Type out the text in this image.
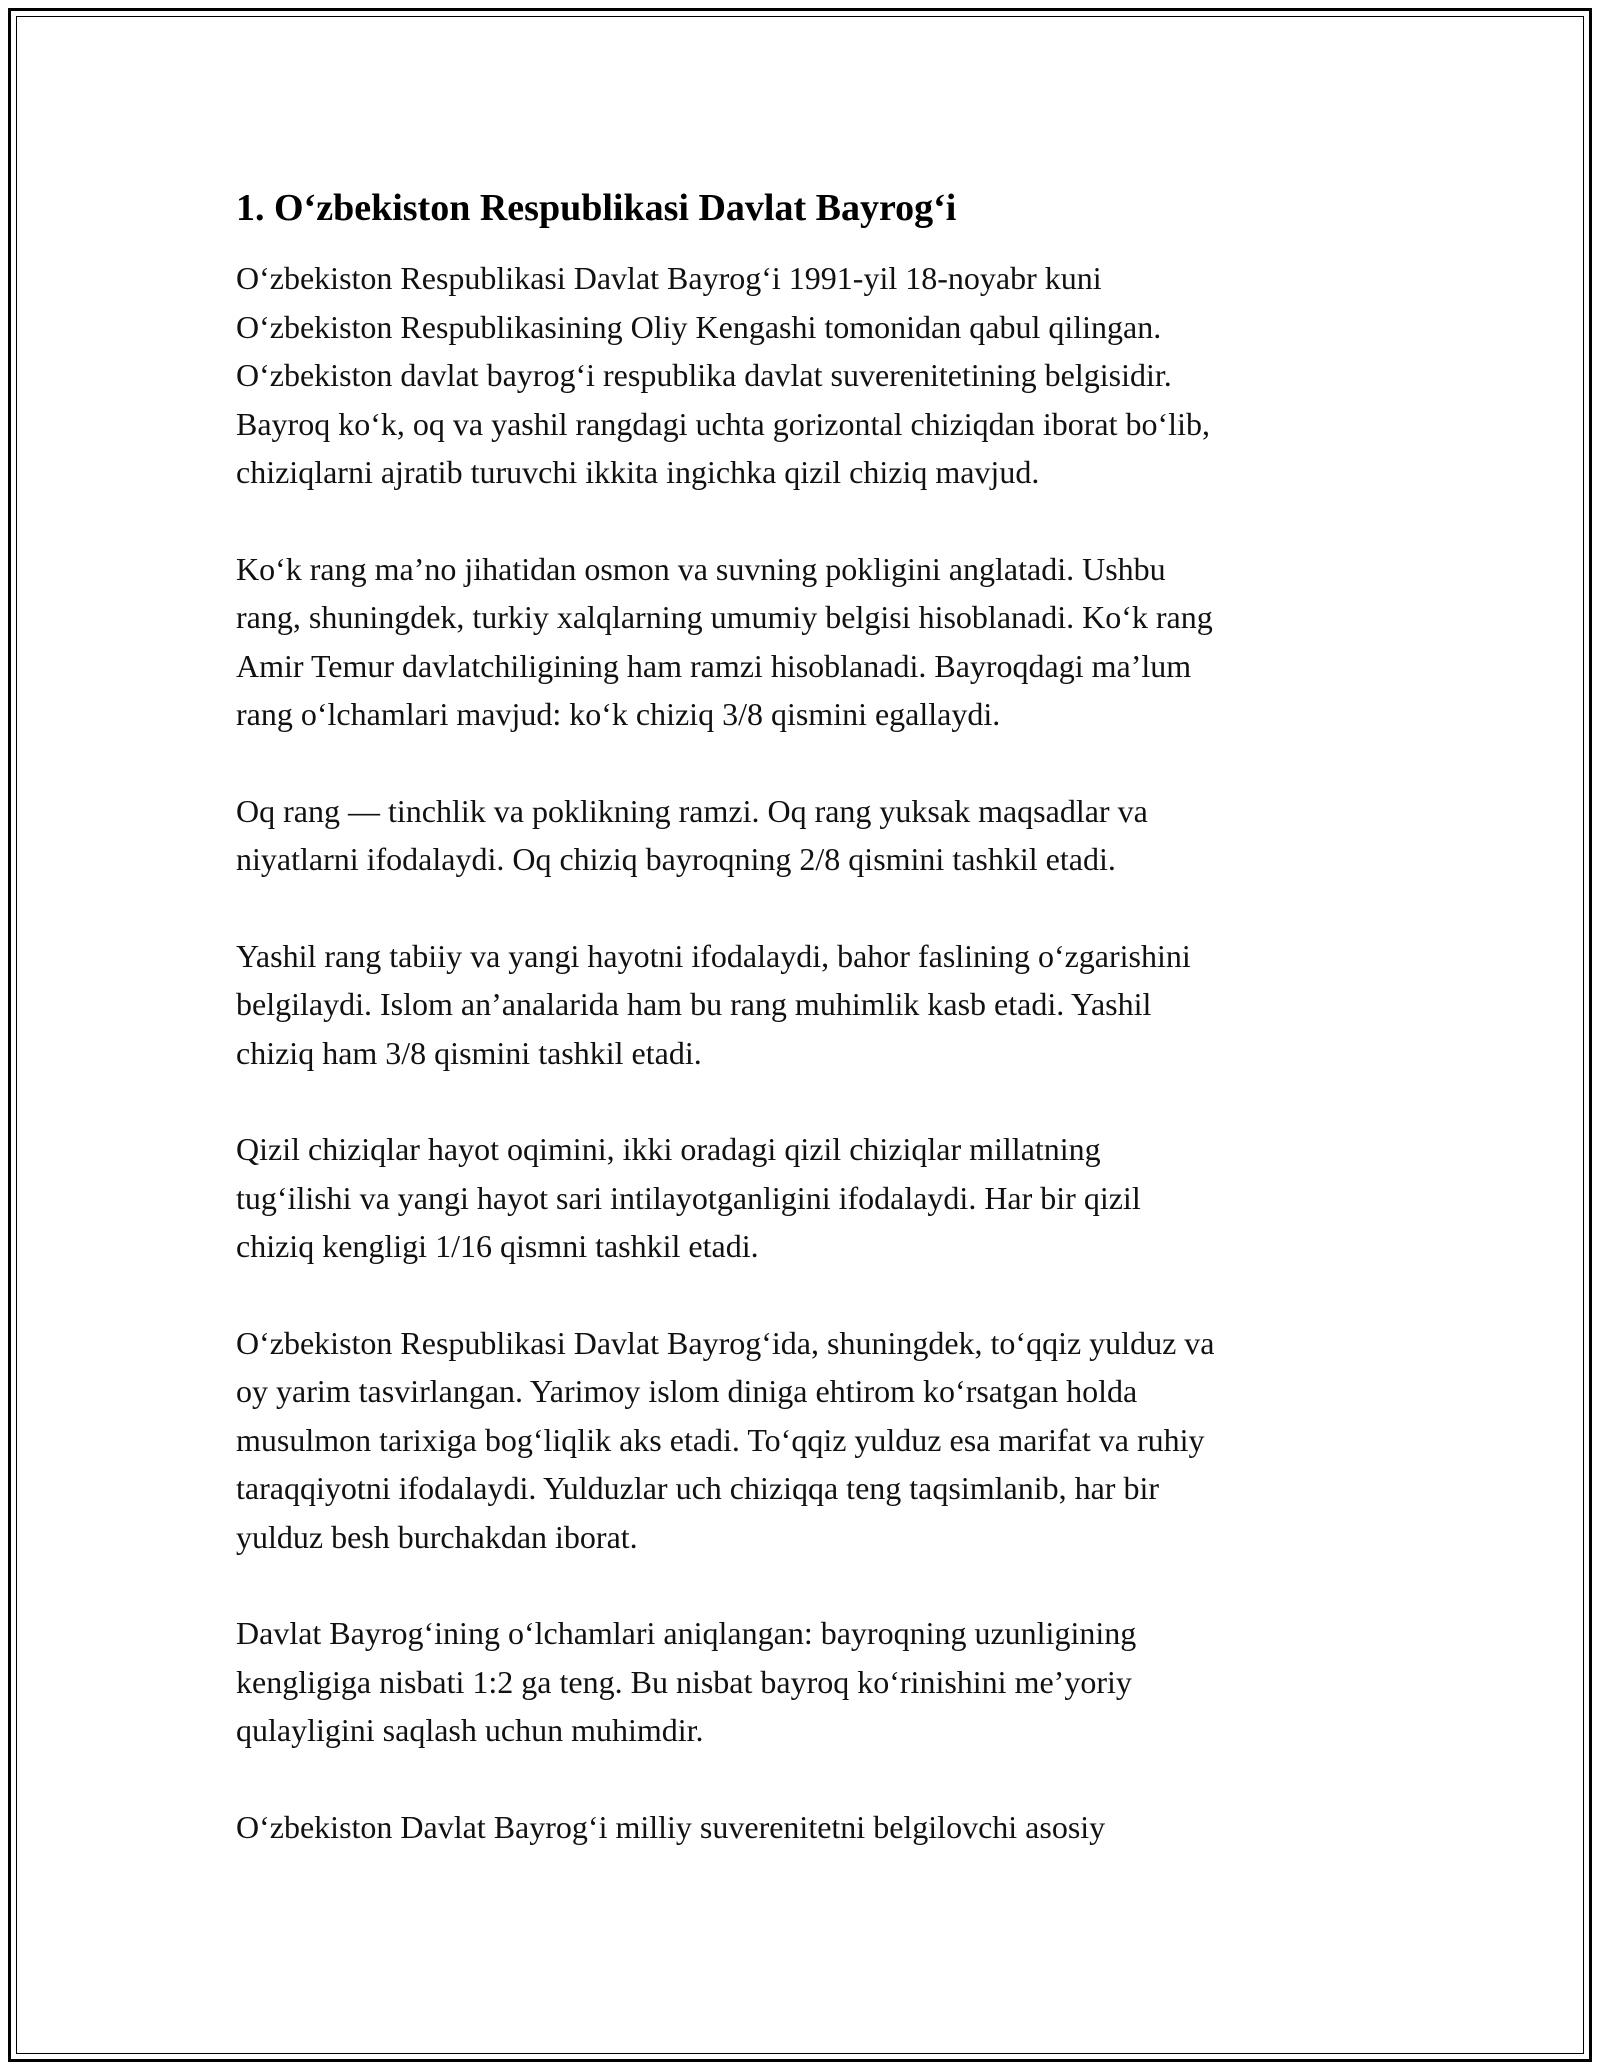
1. O‘zbekiston Respublikasi Davlat Bayrog‘i

O‘zbekiston Respublikasi Davlat Bayrog‘i 1991-yil 18-noyabr kuni
O‘zbekiston Respublikasining Oliy Kengashi tomonidan qabul qilingan.
O‘zbekiston davlat bayrog‘i respublika davlat suverenitetining belgisidir.
Bayroq ko‘k, oq va yashil rangdagi uchta gorizontal chiziqdan iborat bo‘lib,
chiziqlarni ajratib turuvchi ikkita ingichka qizil chiziq mavjud.

Ko‘k rang ma’no jihatidan osmon va suvning pokligini anglatadi. Ushbu
rang, shuningdek, turkiy xalqlarning umumiy belgisi hisoblanadi. Ko‘k rang
Amir Temur davlatchiligining ham ramzi hisoblanadi. Bayroqdagi ma’lum
rang o‘lchamlari mavjud: ko‘k chiziq 3/8 qismini egallaydi.

Oq rang — tinchlik va poklikning ramzi. Oq rang yuksak maqsadlar va
niyatlarni ifodalaydi. Oq chiziq bayroqning 2/8 qismini tashkil etadi.

Yashil rang tabiiy va yangi hayotni ifodalaydi, bahor faslining o‘zgarishini
belgilaydi. Islom an’analarida ham bu rang muhimlik kasb etadi. Yashil
chiziq ham 3/8 qismini tashkil etadi.

Qizil chiziqlar hayot oqimini, ikki oradagi qizil chiziqlar millatning
tug‘ilishi va yangi hayot sari intilayotganligini ifodalaydi. Har bir qizil
chiziq kengligi 1/16 qismni tashkil etadi.

O‘zbekiston Respublikasi Davlat Bayrog‘ida, shuningdek, to‘qqiz yulduz va
oy yarim tasvirlangan. Yarimoy islom diniga ehtirom ko‘rsatgan holda
musulmon tarixiga bog‘liqlik aks etadi. To‘qqiz yulduz esa marifat va ruhiy
taraqqiyotni ifodalaydi. Yulduzlar uch chiziqqa teng taqsimlanib, har bir
yulduz besh burchakdan iborat.

Davlat Bayrog‘ining o‘lchamlari aniqlangan: bayroqning uzunligining
kengligiga nisbati 1:2 ga teng. Bu nisbat bayroq ko‘rinishini me’yoriy
qulayligini saqlash uchun muhimdir.

O‘zbekiston Davlat Bayrog‘i milliy suverenitetni belgilovchi asosiy
